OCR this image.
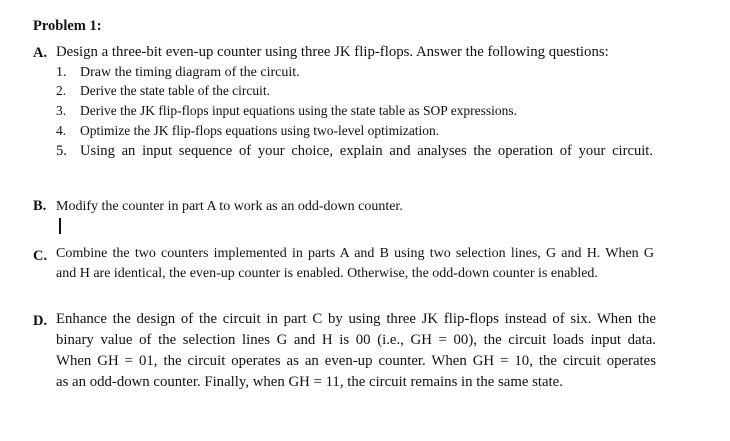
Problem 1:
A. Design a three-bit even-up counter using three JK flip-flops. Answer the following questions:
1. Draw the timing diagram of the circuit.
2. Derive the state table of the circuit.
3. Derive the JK flip-flops input equations using the state table as SOP expressions.
4. Optimize the JK flip-flops equations using two-level optimization.
5. Using an input sequence of your choice, explain and analyses the operation of your circuit.
B. Modify the counter in part A to work as an odd-down counter.
C. Combine the two counters implemented in parts A and B using two selection lines, G and H. When G
and H are identical, the even-up counter is enabled. Otherwise, the odd-down counter is enabled.
D. Enhance the design of the circuit in part C by using three JK flip-flops instead of six. When the
binary value of the selection lines G and H is 00 (i.e., GH = 00), the circuit loads input data.
When GH = 01, the circuit operates as an even-up counter. When GH = 10, the circuit operates
as an odd-down counter. Finally, when GH = 11, the circuit remains in the same state.
